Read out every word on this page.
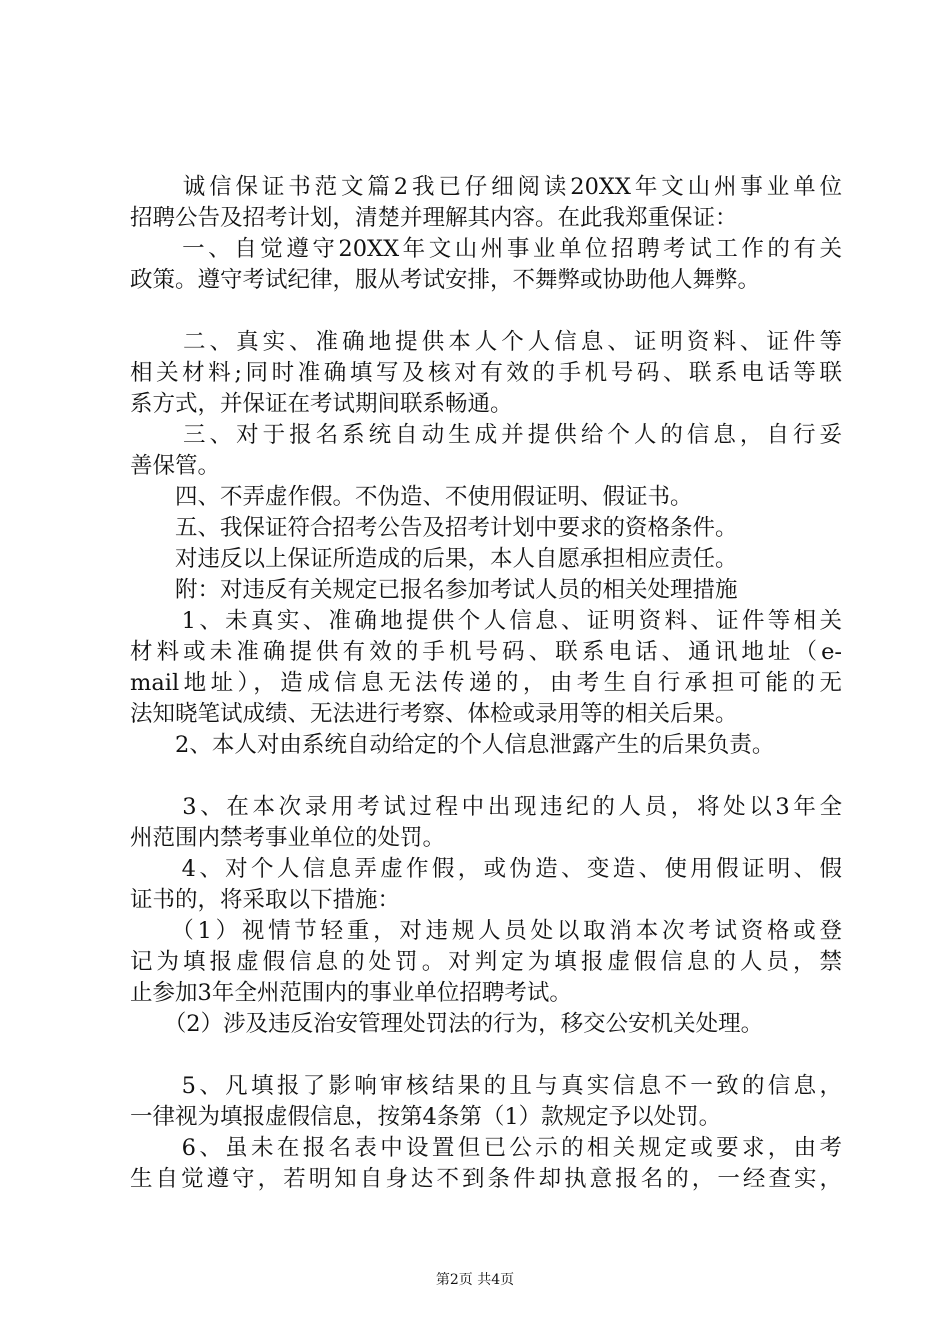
　　诚信保证书范文篇2我已仔细阅读20XX年文山州事业单位
招聘公告及招考计划，清楚并理解其内容。在此我郑重保证：
　　一、自觉遵守20XX年文山州事业单位招聘考试工作的有关
政策。遵守考试纪律，服从考试安排，不舞弊或协助他人舞弊。
　　二、真实、准确地提供本人个人信息、证明资料、证件等
相关材料;同时准确填写及核对有效的手机号码、联系电话等联
系方式，并保证在考试期间联系畅通。
　　三、对于报名系统自动生成并提供给个人的信息，自行妥
善保管。
　　四、不弄虚作假。不伪造、不使用假证明、假证书。
　　五、我保证符合招考公告及招考计划中要求的资格条件。
　　对违反以上保证所造成的后果，本人自愿承担相应责任。
　　附：对违反有关规定已报名参加考试人员的相关处理措施
　　1、未真实、准确地提供个人信息、证明资料、证件等相关
材料或未准确提供有效的手机号码、联系电话、通讯地址（e-
mail地址），造成信息无法传递的，由考生自行承担可能的无
法知晓笔试成绩、无法进行考察、体检或录用等的相关后果。
　　2、本人对由系统自动给定的个人信息泄露产生的后果负责。
　　3、在本次录用考试过程中出现违纪的人员，将处以3年全
州范围内禁考事业单位的处罚。
　　4、对个人信息弄虚作假，或伪造、变造、使用假证明、假
证书的，将采取以下措施：
　　（1）视情节轻重，对违规人员处以取消本次考试资格或登
记为填报虚假信息的处罚。对判定为填报虚假信息的人员，禁
止参加3年全州范围内的事业单位招聘考试。
　　（2）涉及违反治安管理处罚法的行为，移交公安机关处理。
　　5、凡填报了影响审核结果的且与真实信息不一致的信息，
一律视为填报虚假信息，按第4条第（1）款规定予以处罚。
　　6、虽未在报名表中设置但已公示的相关规定或要求，由考
生自觉遵守，若明知自身达不到条件却执意报名的，一经查实，
第2页 共4页
